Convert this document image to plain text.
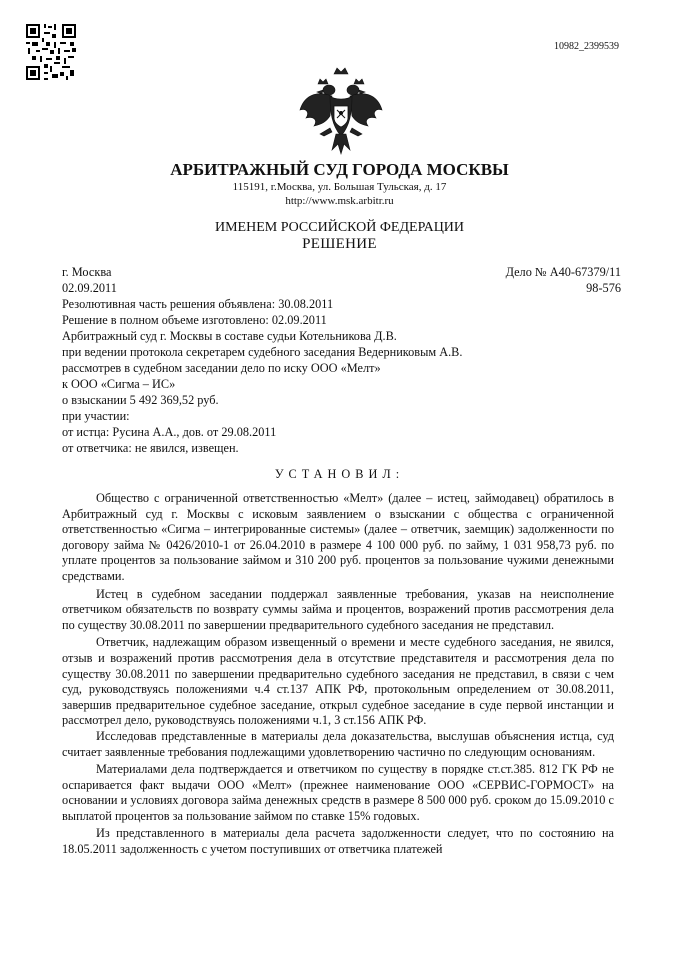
10982_2399539
АРБИТРАЖНЫЙ СУД ГОРОДА МОСКВЫ
115191, г.Москва, ул. Большая Тульская, д. 17
http://www.msk.arbitr.ru
ИМЕНЕМ РОССИЙСКОЙ ФЕДЕРАЦИИ
РЕШЕНИЕ
г. Москва	Дело № А40-67379/11
02.09.2011	98-576
Резолютивная часть решения объявлена: 30.08.2011
Решение в полном объеме изготовлено: 02.09.2011
Арбитражный суд г. Москвы в составе судьи Котельникова Д.В.
при ведении протокола секретарем судебного заседания Ведерниковым А.В.
рассмотрев в судебном заседании дело по иску ООО «Мелт»
к ООО «Сигма – ИС»
о взыскании 5 492 369,52 руб.
при участии:
от истца: Русина А.А., дов. от 29.08.2011
от ответчика: не явился, извещен.
УСТАНОВИЛ:

Общество с ограниченной ответственностью «Мелт» (далее – истец, займодавец) обратилось в Арбитражный суд г. Москвы с исковым заявлением о взыскании с общества с ограниченной ответственностью «Сигма – интегрированные системы» (далее – ответчик, заемщик) задолженности по договору займа № 0426/2010-1 от 26.04.2010 в размере 4 100 000 руб. по займу, 1 031 958,73 руб. по уплате процентов за пользование займом и 310 200 руб. процентов за пользование чужими денежными средствами.

Истец в судебном заседании поддержал заявленные требования, указав на неисполнение ответчиком обязательств по возврату суммы займа и процентов, возражений против рассмотрения дела по существу 30.08.2011 по завершении предварительного судебного заседания не представил.

Ответчик, надлежащим образом извещенный о времени и месте судебного заседания, не явился, отзыв и возражений против рассмотрения дела в отсутствие представителя и рассмотрения дела по существу 30.08.2011 по завершении предварительно судебного заседания не представил, в связи с чем суд, руководствуясь положениями ч.4 ст.137 АПК РФ, протокольным определением от 30.08.2011, завершив предварительное судебное заседание, открыл судебное заседание в суде первой инстанции и рассмотрел дело, руководствуясь положениями ч.1, 3 ст.156 АПК РФ.

Исследовав представленные в материалы дела доказательства, выслушав объяснения истца, суд считает заявленные требования подлежащими удовлетворению частично по следующим основаниям.

Материалами дела подтверждается и ответчиком по существу в порядке ст.ст.385. 812 ГК РФ не оспаривается факт выдачи ООО «Мелт» (прежнее наименование ООО «СЕРВИС-ГОРМОСТ» на основании и условиях договора займа денежных средств в размере 8 500 000 руб. сроком до 15.09.2010 с выплатой процентов за пользование займом по ставке 15% годовых.

Из представленного в материалы дела расчета задолженности следует, что по состоянию на 18.05.2011 задолженность с учетом поступивших от ответчика платежей
